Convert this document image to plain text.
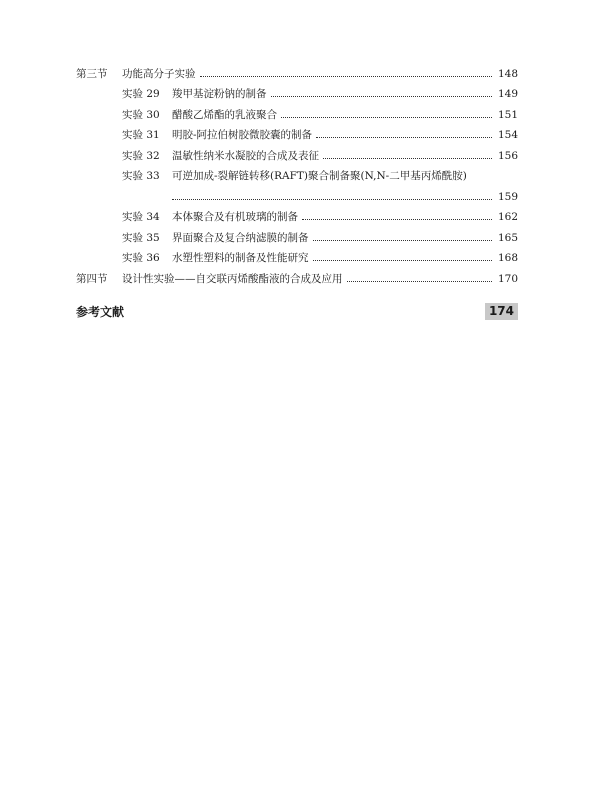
第三节	功能高分子实验	148
实验 29	羧甲基淀粉钠的制备	149
实验 30	醋酸乙烯酯的乳液聚合	151
实验 31	明胶-阿拉伯树胶微胶囊的制备	154
实验 32	温敏性纳米水凝胶的合成及表征	156
实验 33	可逆加成-裂解链转移(RAFT)聚合制备聚(N,N-二甲基丙烯酰胺)
159
实验 34	本体聚合及有机玻璃的制备	162
实验 35	界面聚合及复合纳滤膜的制备	165
实验 36	水塑性塑料的制备及性能研究	168
第四节	设计性实验——自交联丙烯酸酯液的合成及应用	170
参考文献	174
